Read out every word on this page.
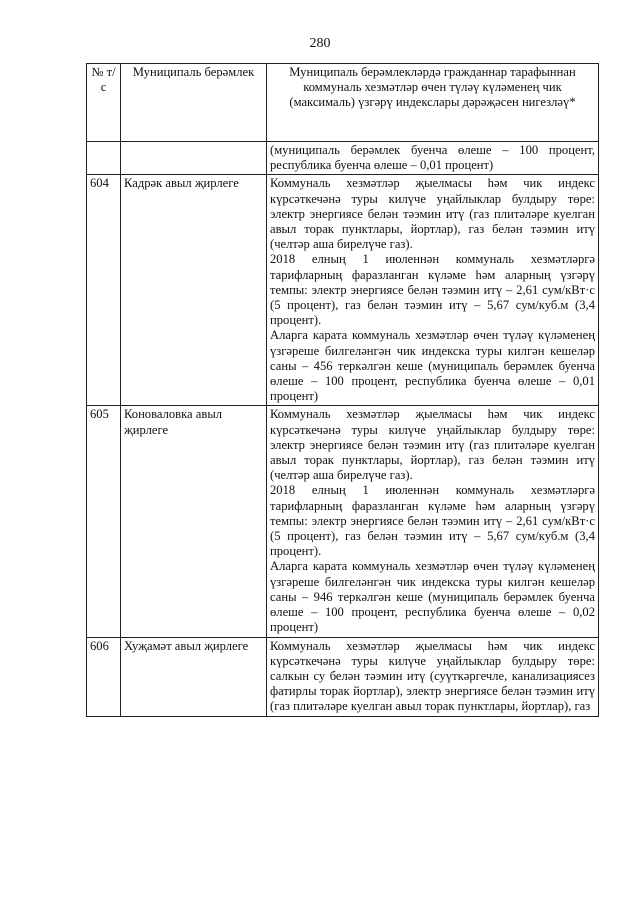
280
№ т/с	Муниципаль берәмлек	Муниципаль берәмлекләрдә гражданнар тарафыннан коммуналь хезмәтләр өчен түләү күләменең чик (максималь) үзгәрү индекслары дәрәҗәсен нигезләү*

		(муниципаль берәмлек буенча өлеше – 100 процент, республика буенча өлеше – 0,01 процент)

604	Кадрәк авыл җирлеге	Коммуналь хезмәтләр җыелмасы һәм чик индекс күрсәткечәнә туры килүче уңайлыклар булдыру төре: электр энергиясе белән тәэмин итү (газ плитәләре куелган авыл торак пунктлары, йортлар), газ белән тәэмин итү (челтәр аша бирелүче газ).

2018 елның 1 июленнән коммуналь хезмәтләргә тарифларның фаразланган күләме һәм аларның үзгәрү темпы: электр энергиясе белән тәэмин итү – 2,61 сум/кВт·с (5 процент), газ белән тәэмин итү – 5,67 сум/куб.м (3,4 процент).

Аларга карата коммуналь хезмәтләр өчен түләү күләменең үзгәреше билгеләнгән чик индекска туры килгән кешеләр саны – 456 теркәлгән кеше (муниципаль берәмлек буенча өлеше – 100 процент, республика буенча өлеше – 0,01 процент)

605	Коноваловка авыл җирлеге	Коммуналь хезмәтләр җыелмасы һәм чик индекс күрсәткечәнә туры килүче уңайлыклар булдыру төре: электр энергиясе белән тәэмин итү (газ плитәләре куелган авыл торак пунктлары, йортлар), газ белән тәэмин итү (челтәр аша бирелүче газ).

2018 елның 1 июленнән коммуналь хезмәтләргә тарифларның фаразланган күләме һәм аларның үзгәрү темпы: электр энергиясе белән тәэмин итү – 2,61 сум/кВт·с (5 процент), газ белән тәэмин итү – 5,67 сум/куб.м (3,4 процент).

Аларга карата коммуналь хезмәтләр өчен түләү күләменең үзгәреше билгеләнгән чик индекска туры килгән кешеләр саны – 946 теркәлгән кеше (муниципаль берәмлек буенча өлеше – 100 процент, республика буенча өлеше – 0,02 процент)

606	Хуҗамәт авыл җирлеге	Коммуналь хезмәтләр җыелмасы һәм чик индекс күрсәткечәнә туры килүче уңайлыклар булдыру төре: салкын су белән тәэмин итү (суүткәргечле, канализациясез фатирлы торак йортлар), электр энергиясе белән тәэмин итү (газ плитәләре куелган авыл торак пунктлары, йортлар), газ
